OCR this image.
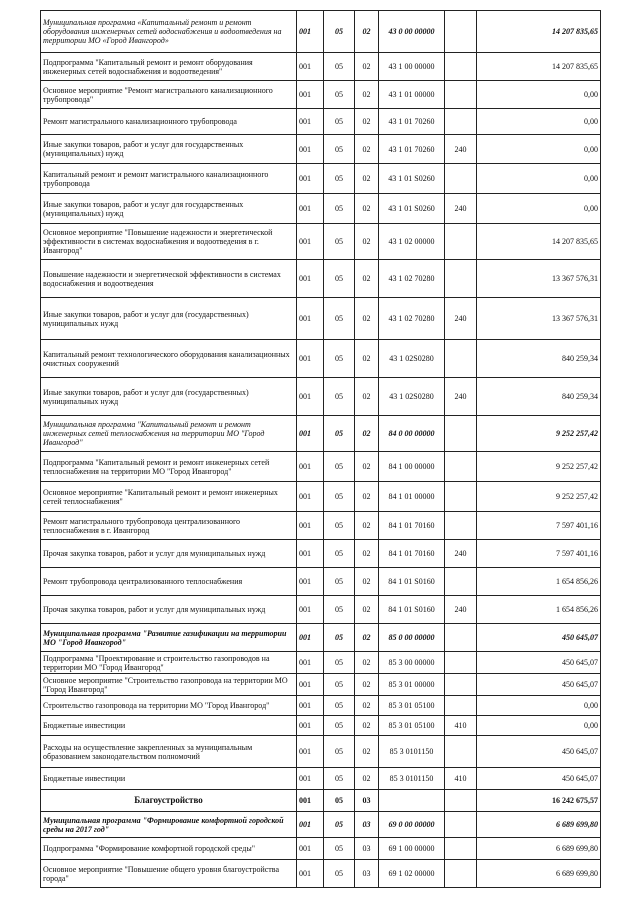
Муниципальная программа «Капитальный ремонт и ремонт оборудования инженерных сетей водоснабжения и водоотведения на территории МО «Город Ивангород»	001	05	02	43 0 00 00000		14 207 835,65
Подпрограмма "Капитальный ремонт и ремонт оборудования инженерных сетей водоснабжения и водоотведения"	001	05	02	43 1 00 00000		14 207 835,65
Основное мероприятие "Ремонт магистрального канализационного трубопровода"	001	05	02	43 1 01 00000		0,00
Ремонт магистрального канализационного трубопровода	001	05	02	43 1 01 70260		0,00
Иные закупки товаров, работ и услуг для государственных (муниципальных) нужд	001	05	02	43 1 01 70260	240	0,00
Капитальный ремонт и ремонт магистрального канализационного трубопровода	001	05	02	43 1 01 S0260		0,00
Иные закупки товаров, работ и услуг для государственных (муниципальных) нужд	001	05	02	43 1 01 S0260	240	0,00
Основное мероприятие "Повышение надежности и энергетической эффективности в системах водоснабжения и водоотведения в г. Ивангород"	001	05	02	43 1 02 00000		14 207 835,65
Повышение надежности и энергетической эффективности в системах водоснабжения и водоотведения	001	05	02	43 1 02 70280		13 367 576,31
Иные закупки товаров, работ и услуг для (государственных) муниципальных нужд	001	05	02	43 1 02 70280	240	13 367 576,31
Капитальный ремонт технологического оборудования канализационных очистных сооружений	001	05	02	43 1 02S0280		840 259,34
Иные закупки товаров, работ и услуг для (государственных) муниципальных нужд	001	05	02	43 1 02S0280	240	840 259,34
Муниципальная программа "Капитальный ремонт и ремонт инженерных сетей теплоснабжения на территории МО "Город Ивангород"	001	05	02	84 0 00 00000		9 252 257,42
Подпрограмма "Капитальный ремонт и ремонт инженерных сетей теплоснабжения на территории МО "Город Ивангород"	001	05	02	84 1 00 00000		9 252 257,42
Основное мероприятие "Капитальный ремонт и ремонт инженерных сетей теплоснабжения"	001	05	02	84 1 01 00000		9 252 257,42
Ремонт магистрального трубопровода централизованного теплоснабжения в г. Ивангород	001	05	02	84 1 01 70160		7 597 401,16
Прочая закупка товаров, работ и услуг для муниципальных нужд	001	05	02	84 1 01 70160	240	7 597 401,16
Ремонт трубопровода централизованного теплоснабжения	001	05	02	84 1 01 S0160		1 654 856,26
Прочая закупка товаров, работ и услуг для муниципальных нужд	001	05	02	84 1 01 S0160	240	1 654 856,26
Муниципальная программа "Развитие газификации на территории МО "Город Ивангород"	001	05	02	85 0 00 00000		450 645,07
Подпрограмма "Проектирование и строительство газопроводов на территории МО "Город Ивангород"	001	05	02	85 3 00 00000		450 645,07
Основное мероприятие "Строительство газопровода на территории МО "Город Ивангород"	001	05	02	85 3 01 00000		450 645,07
Строительство газопровода на территории МО "Город Ивангород"	001	05	02	85 3 01 05100		0,00
Бюджетные инвестиции	001	05	02	85 3 01 05100	410	0,00
Расходы на осуществление закрепленных за муниципальным образованием законодательством полномочий	001	05	02	85 3 0101150		450 645,07
Бюджетные инвестиции	001	05	02	85 3 0101150	410	450 645,07
Благоустройство	001	05	03			16 242 675,57
Муниципальная программа "Формирование комфортной городской среды на 2017 год"	001	05	03	69 0 00 00000		6 689 699,80
Подпрограмма "Формирование комфортной городской среды"	001	05	03	69 1 00 00000		6 689 699,80
Основное мероприятие "Повышение общего уровня благоустройства города"	001	05	03	69 1 02 00000		6 689 699,80
